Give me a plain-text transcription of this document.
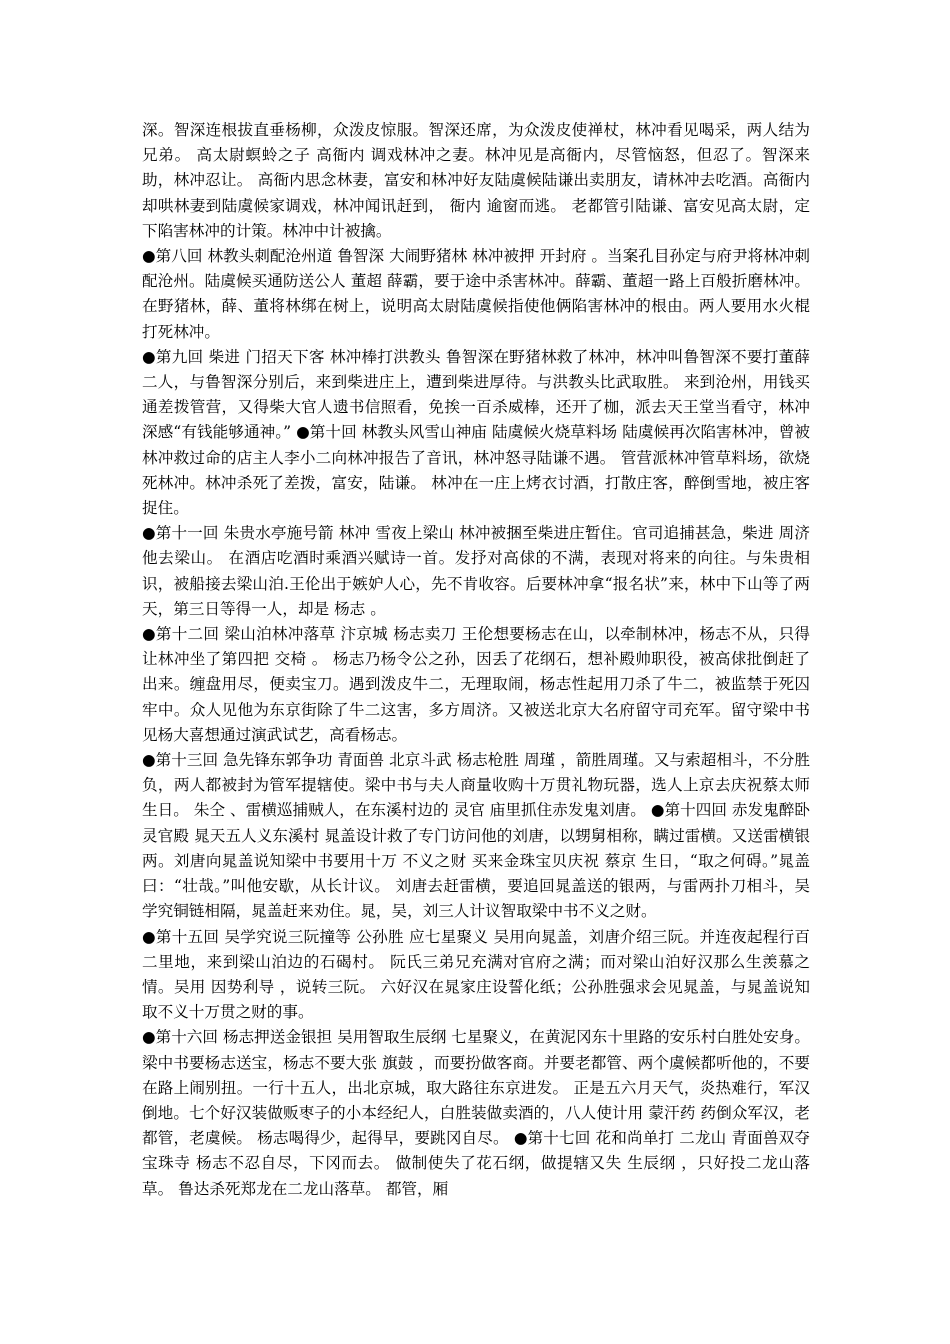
深。智深连根拔直垂杨柳，众泼皮惊服。智深还席，为众泼皮使禅杖，林冲看见喝采，两人结为兄弟。 高太尉螟蛉之子 高衙内 调戏林冲之妻。林冲见是高衙内，尽管恼怒，但忍了。智深来助，林冲忍让。 高衙内思念林妻，富安和林冲好友陆虞候陆谦出卖朋友，请林冲去吃酒。高衙内却哄林妻到陆虞候家调戏，林冲闻讯赶到， 衙内 逾窗而逃。 老都管引陆谦、富安见高太尉，定下陷害林冲的计策。林冲中计被擒。

●第八回 林教头刺配沧州道 鲁智深 大闹野猪林 林冲被押 开封府 。当案孔目孙定与府尹将林冲刺配沧州。陆虞候买通防送公人 董超 薛霸，要于途中杀害林冲。薛霸、董超一路上百般折磨林冲。在野猪林，薛、董将林绑在树上，说明高太尉陆虞候指使他俩陷害林冲的根由。两人要用水火棍打死林冲。

●第九回 柴进 门招天下客 林冲棒打洪教头 鲁智深在野猪林救了林冲，林冲叫鲁智深不要打董薛二人，与鲁智深分别后，来到柴进庄上，遭到柴进厚待。与洪教头比武取胜。 来到沧州，用钱买通差拨管营，又得柴大官人遗书信照看，免挨一百杀威棒，还开了枷，派去天王堂当看守，林冲深感“有钱能够通神。” ●第十回 林教头风雪山神庙 陆虞候火烧草料场 陆虞候再次陷害林冲，曾被林冲救过命的店主人李小二向林冲报告了音讯，林冲怒寻陆谦不遇。 管营派林冲管草料场，欲烧死林冲。林冲杀死了差拨，富安，陆谦。 林冲在一庄上烤衣讨酒，打散庄客，醉倒雪地，被庄客捉住。

●第十一回 朱贵水亭施号箭 林冲 雪夜上梁山 林冲被捆至柴进庄暂住。官司追捕甚急，柴进 周济 他去梁山。 在酒店吃酒时乘酒兴赋诗一首。发抒对高俅的不满，表现对将来的向往。与朱贵相识，被船接去梁山泊.王伦出于嫉妒人心，先不肯收容。后要林冲拿“报名状”来，林中下山等了两天，第三日等得一人，却是 杨志 。

●第十二回 梁山泊林冲落草 汴京城 杨志卖刀 王伦想要杨志在山，以牵制林冲，杨志不从，只得让林冲坐了第四把 交椅 。 杨志乃杨令公之孙，因丢了花纲石，想补殿帅职役，被高俅批倒赶了出来。缠盘用尽，便卖宝刀。遇到泼皮牛二，无理取闹，杨志性起用刀杀了牛二，被监禁于死囚牢中。众人见他为东京街除了牛二这害，多方周济。又被送北京大名府留守司充军。留守梁中书见杨大喜想通过演武试艺，高看杨志。

●第十三回 急先锋东郭争功 青面兽 北京斗武 杨志枪胜 周瑾 ，箭胜周瑾。又与索超相斗，不分胜负，两人都被封为管军提辖使。梁中书与夫人商量收购十万贯礼物玩器，选人上京去庆祝蔡太师生日。 朱仝 、雷横巡捕贼人，在东溪村边的 灵官 庙里抓住赤发鬼刘唐。 ●第十四回 赤发鬼醉卧灵官殿 晁天五人义东溪村 晁盖设计救了专门访问他的刘唐，以甥舅相称，瞒过雷横。又送雷横银两。刘唐向晁盖说知梁中书要用十万 不义之财 买来金珠宝贝庆祝 蔡京 生日，“取之何碍。”晁盖曰：“壮哉。”叫他安歇，从长计议。 刘唐去赶雷横，要追回晁盖送的银两，与雷两扑刀相斗，吴学究铜链相隔，晁盖赶来劝住。晁，吴，刘三人计议智取梁中书不义之财。

●第十五回 吴学究说三阮撞等 公孙胜 应七星聚义 吴用向晁盖，刘唐介绍三阮。并连夜起程行百二里地，来到梁山泊边的石碣村。 阮氏三弟兄充满对官府之满；而对梁山泊好汉那么生羡慕之情。吴用 因势利导 ，说转三阮。 六好汉在晁家庄设誓化纸；公孙胜强求会见晁盖，与晁盖说知取不义十万贯之财的事。

●第十六回 杨志押送金银担 吴用智取生辰纲 七星聚义，在黄泥冈东十里路的安乐村白胜处安身。 梁中书要杨志送宝，杨志不要大张 旗鼓 ，而要扮做客商。并要老都管、两个虞候都听他的，不要在路上闹别扭。一行十五人，出北京城，取大路往东京进发。 正是五六月天气，炎热难行，军汉倒地。七个好汉装做贩枣子的小本经纪人，白胜装做卖酒的，八人使计用 蒙汗药 药倒众军汉，老都管，老虞候。 杨志喝得少，起得早，要跳冈自尽。 ●第十七回 花和尚单打 二龙山 青面兽双夺宝珠寺 杨志不忍自尽，下冈而去。 做制使失了花石纲，做提辖又失 生辰纲 ，只好投二龙山落草。 鲁达杀死郑龙在二龙山落草。 都管，厢
